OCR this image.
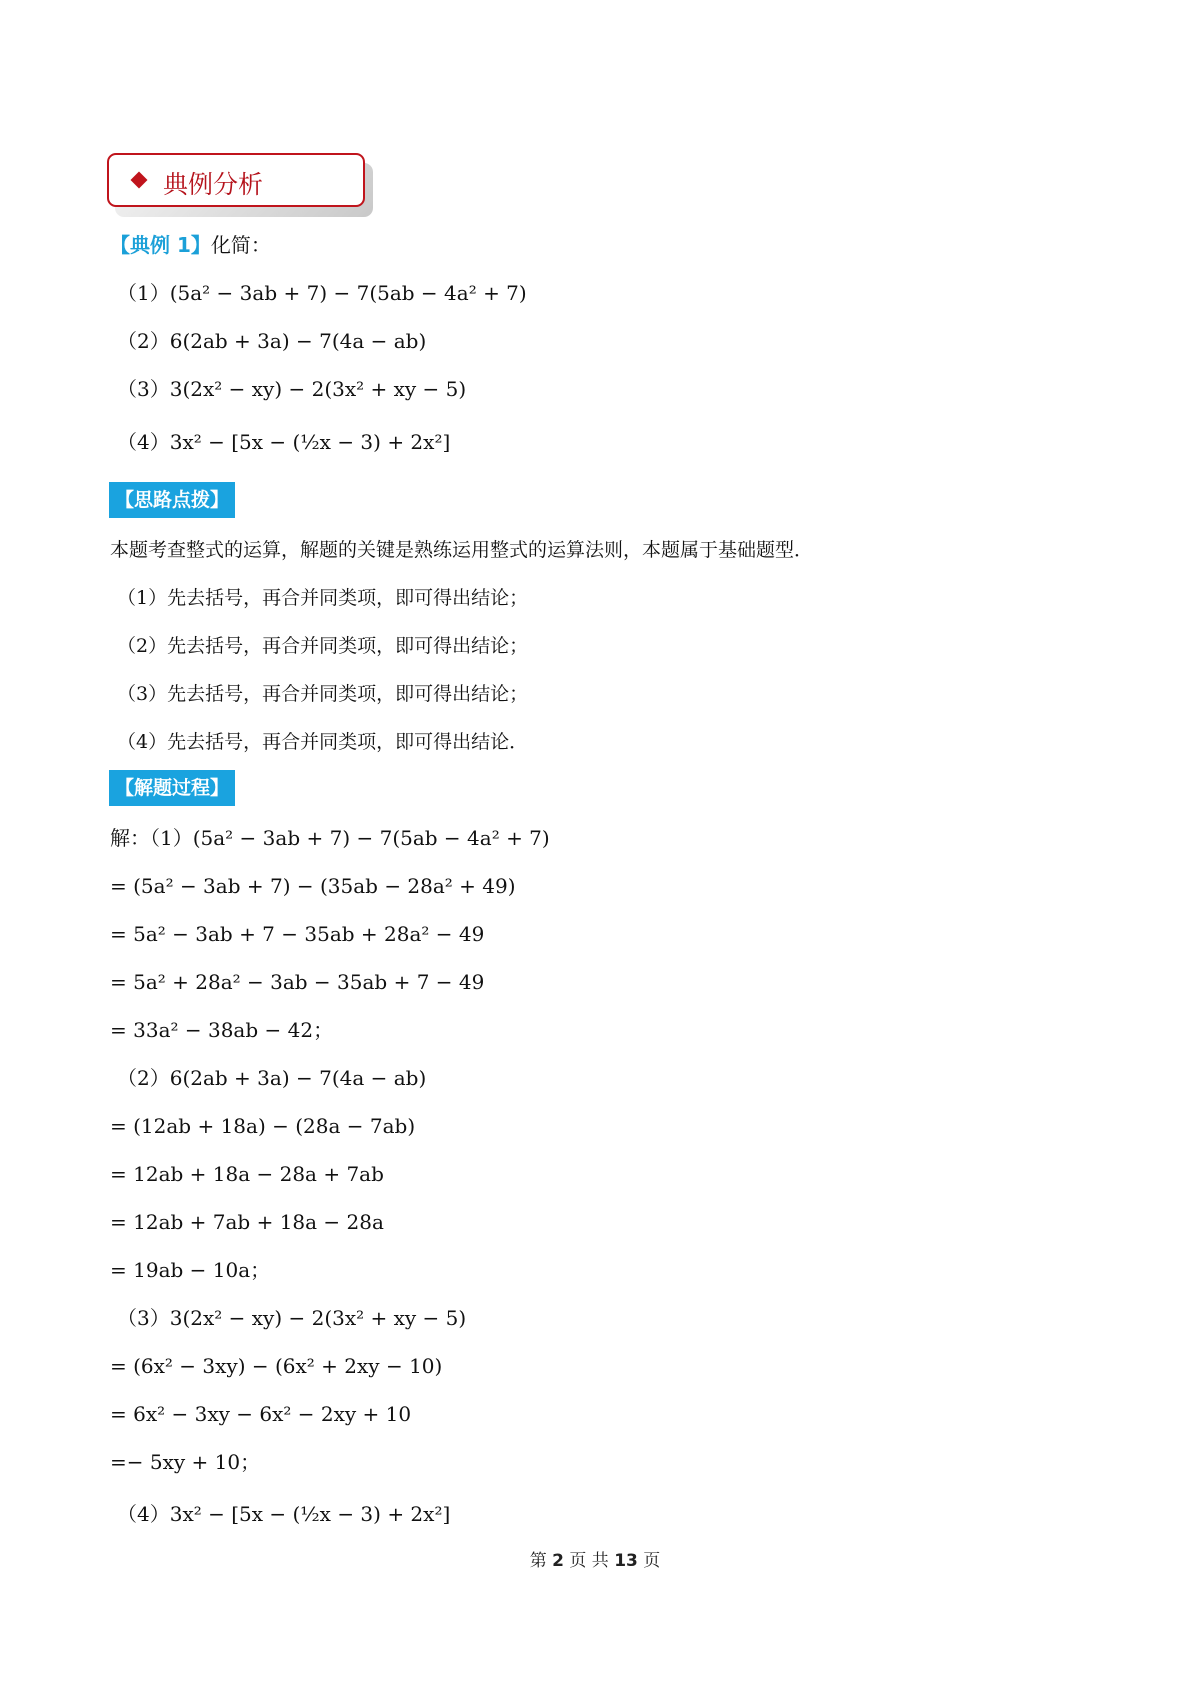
典例分析
【典例 1】化简：
（1）(5a² − 3ab + 7) − 7(5ab − 4a² + 7)
（2）6(2ab + 3a) − 7(4a − ab)
（3）3(2x² − xy) − 2(3x² + xy − 5)
（4）3x² − [5x − (½x − 3) + 2x²]
【思路点拨】
本题考查整式的运算，解题的关键是熟练运用整式的运算法则，本题属于基础题型．
（1）先去括号，再合并同类项，即可得出结论；
（2）先去括号，再合并同类项，即可得出结论；
（3）先去括号，再合并同类项，即可得出结论；
（4）先去括号，再合并同类项，即可得出结论．
【解题过程】
解：（1）(5a² − 3ab + 7) − 7(5ab − 4a² + 7)
= (5a² − 3ab + 7) − (35ab − 28a² + 49)
= 5a² − 3ab + 7 − 35ab + 28a² − 49
= 5a² + 28a² − 3ab − 35ab + 7 − 49
= 33a² − 38ab − 42；
（2）6(2ab + 3a) − 7(4a − ab)
= (12ab + 18a) − (28a − 7ab)
= 12ab + 18a − 28a + 7ab
= 12ab + 7ab + 18a − 28a
= 19ab − 10a；
（3）3(2x² − xy) − 2(3x² + xy − 5)
= (6x² − 3xy) − (6x² + 2xy − 10)
= 6x² − 3xy − 6x² − 2xy + 10
=− 5xy + 10；
（4）3x² − [5x − (½x − 3) + 2x²]
第 2 页 共 13 页
